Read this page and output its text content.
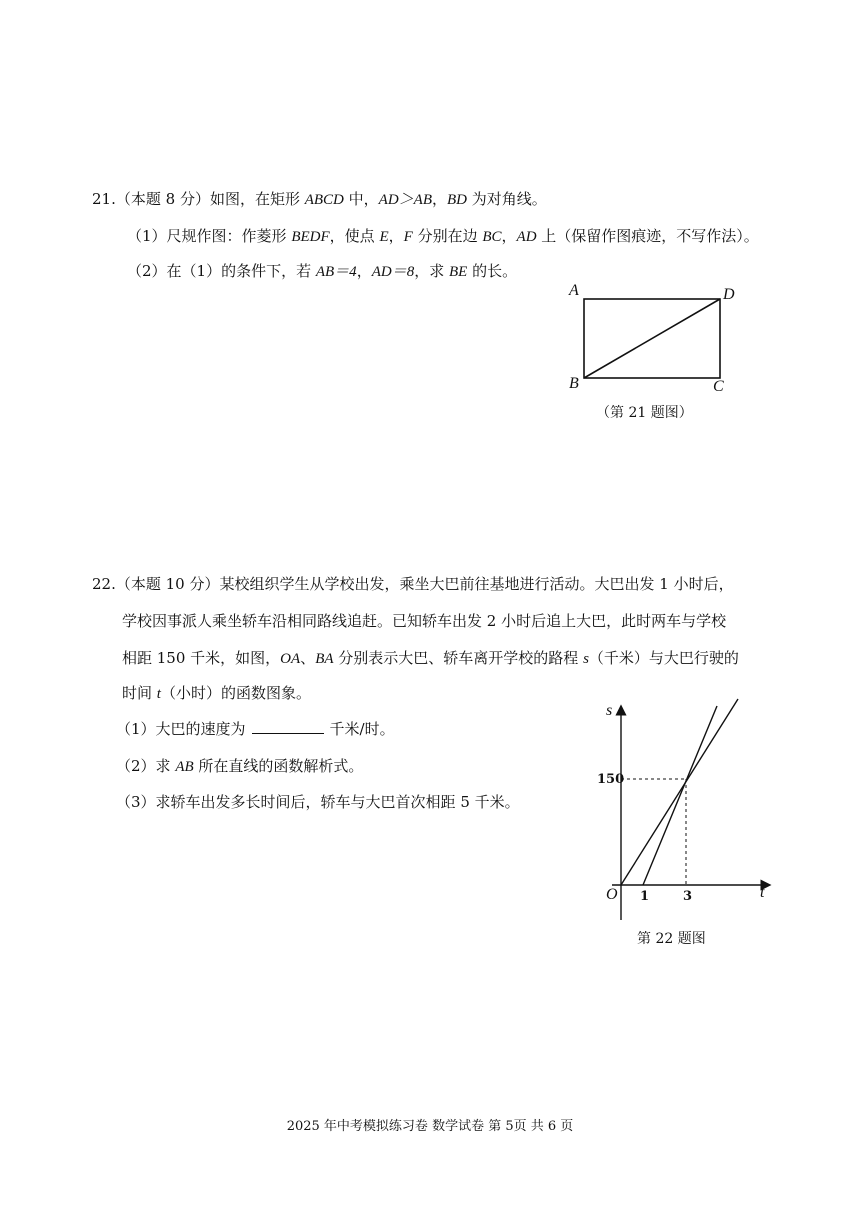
21.（本题 8 分）如图，在矩形 ABCD 中，AD＞AB，BD 为对角线。
（1）尺规作图：作菱形 BEDF，使点 E，F 分别在边 BC，AD 上（保留作图痕迹，不写作法）。
（2）在（1）的条件下，若 AB＝4，AD＝8，求 BE 的长。
A	D
B	C
（第 21 题图）
22.（本题 10 分）某校组织学生从学校出发，乘坐大巴前往基地进行活动。大巴出发 1 小时后，
学校因事派人乘坐轿车沿相同路线追赶。已知轿车出发 2 小时后追上大巴，此时两车与学校
相距 150 千米，如图，OA、BA 分别表示大巴、轿车离开学校的路程 s（千米）与大巴行驶的
时间 t（小时）的函数图象。
（1）大巴的速度为	千米/时。
（2）求 AB 所在直线的函数解析式。
（3）求轿车出发多长时间后，轿车与大巴首次相距 5 千米。
s
t
O
150
1	3
第 22 题图
2025 年中考模拟练习卷 数学试卷 第 5页 共 6 页
